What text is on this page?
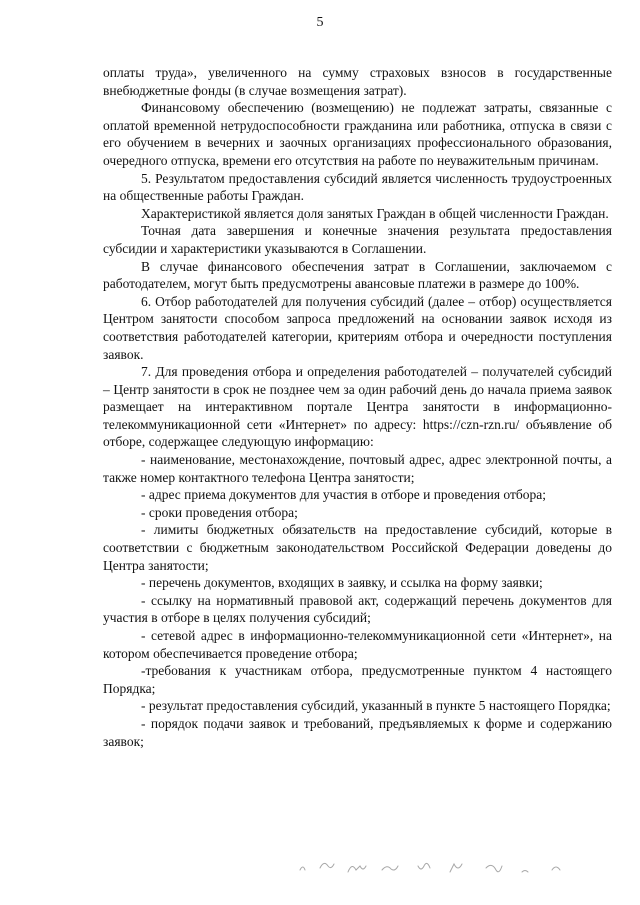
5

оплаты труда», увеличенного на сумму страховых взносов в государственные внебюджетные фонды (в случае возмещения затрат).

Финансовому обеспечению (возмещению) не подлежат затраты, связанные с оплатой временной нетрудоспособности гражданина или работника, отпуска в связи с его обучением в вечерних и заочных организациях профессионального образования, очередного отпуска, времени его отсутствия на работе по неуважительным причинам.

5. Результатом предоставления субсидий является численность трудоустроенных на общественные работы Граждан.

Характеристикой является доля занятых Граждан в общей численности Граждан.

Точная дата завершения и конечные значения результата предоставления субсидии и характеристики указываются в Соглашении.

В случае финансового обеспечения затрат в Соглашении, заключаемом с работодателем, могут быть предусмотрены авансовые платежи в размере до 100%.

6. Отбор работодателей для получения субсидий (далее – отбор) осуществляется Центром занятости способом запроса предложений на основании заявок исходя из соответствия работодателей категории, критериям отбора и очередности поступления заявок.

7. Для проведения отбора и определения работодателей – получателей субсидий – Центр занятости в срок не позднее чем за один рабочий день до начала приема заявок размещает на интерактивном портале Центра занятости в информационно-телекоммуникационной сети «Интернет» по адресу: https://czn-rzn.ru/ объявление об отборе, содержащее следующую информацию:

- наименование, местонахождение, почтовый адрес, адрес электронной почты, а также номер контактного телефона Центра занятости;

- адрес приема документов для участия в отборе и проведения отбора;

- сроки проведения отбора;

- лимиты бюджетных обязательств на предоставление субсидий, которые в соответствии с бюджетным законодательством Российской Федерации доведены до Центра занятости;

- перечень документов, входящих в заявку, и ссылка на форму заявки;

- ссылку на нормативный правовой акт, содержащий перечень документов для участия в отборе в целях получения субсидий;

- сетевой адрес в информационно-телекоммуникационной сети «Интернет», на котором обеспечивается проведение отбора;

-требования к участникам отбора, предусмотренные пунктом 4 настоящего Порядка;

- результат предоставления субсидий, указанный в пункте 5 настоящего Порядка;

- порядок подачи заявок и требований, предъявляемых к форме и содержанию заявок;
